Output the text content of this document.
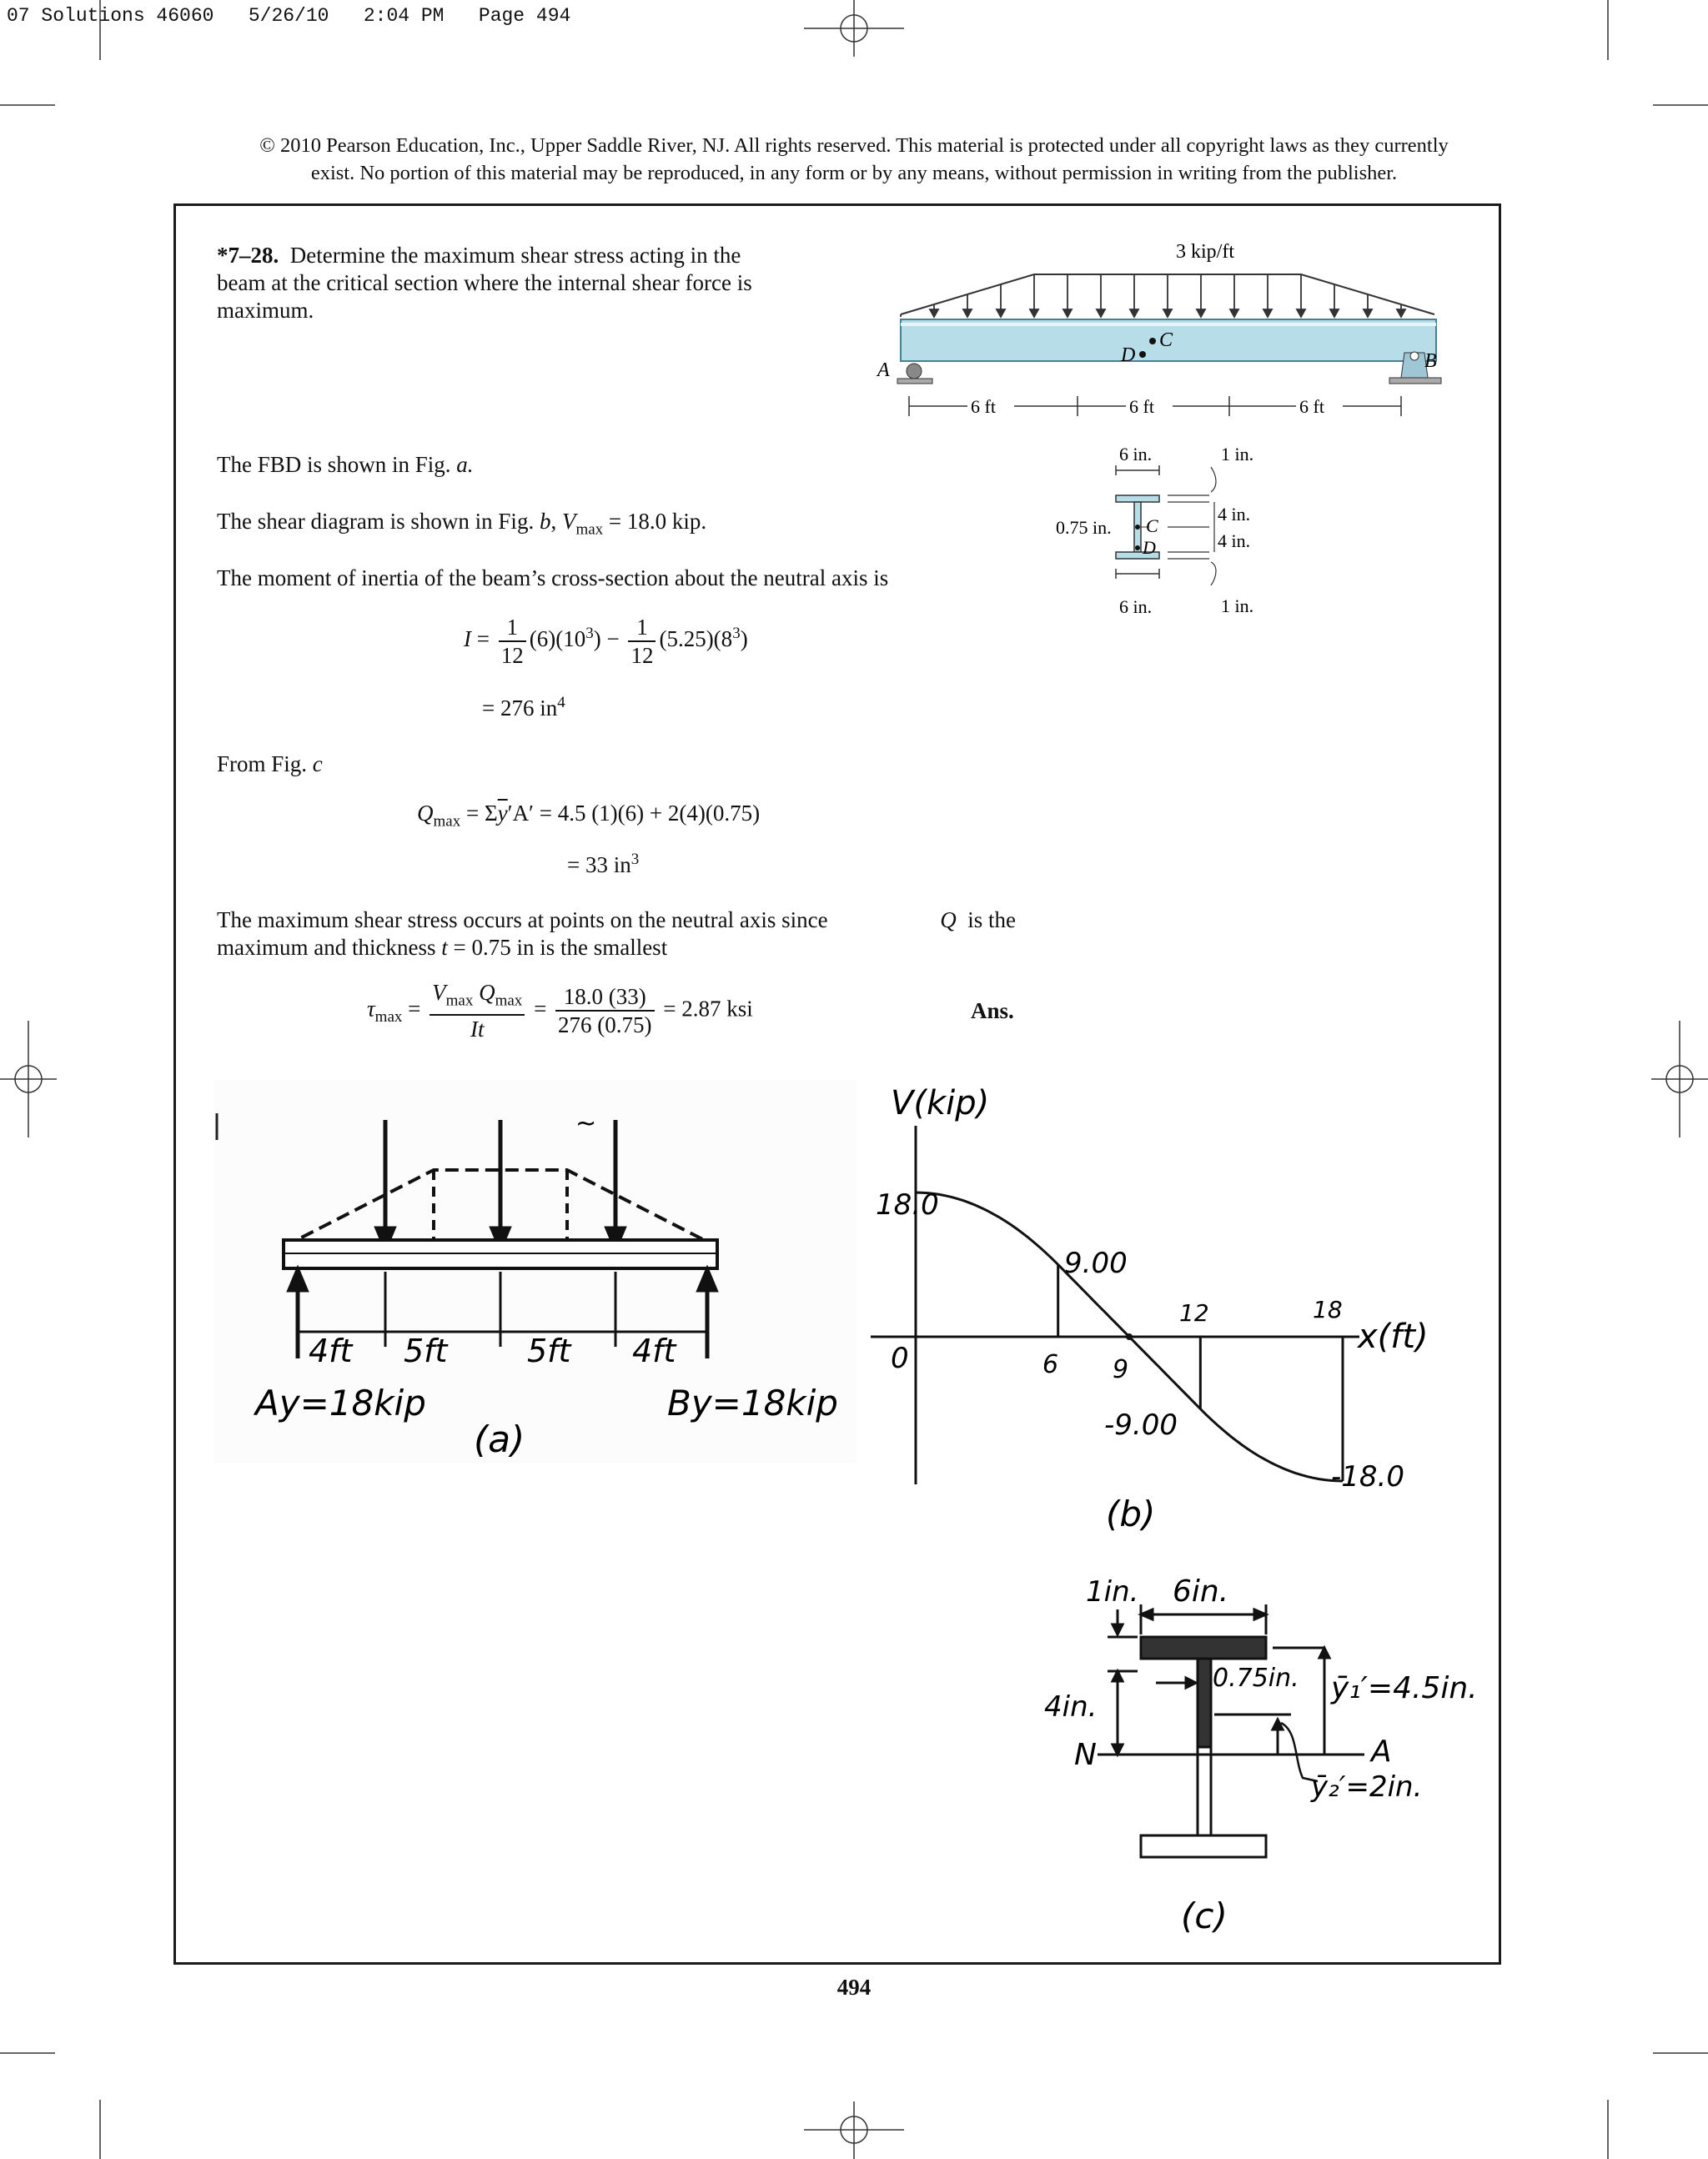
07 Solutions 46060   5/26/10   2:04 PM   Page 494
© 2010 Pearson Education, Inc., Upper Saddle River, NJ. All rights reserved. This material is protected under all copyright laws as they currently
exist. No portion of this material may be reproduced, in any form or by any means, without permission in writing from the publisher.
*7–28. Determine the maximum shear stress acting in the beam at the critical section where the internal shear force is maximum.
3 kip/ft
A	B
C
D
6 ft	6 ft	6 ft
6 in.	1 in.
C
D
0.75 in.
4 in.
4 in.
6 in.	1 in.
The FBD is shown in Fig. a.
The shear diagram is shown in Fig. b, $V_{max} = 18.0$ kip.
The moment of inertia of the beam’s cross-section about the neutral axis is
$I = \frac{1}{12} (6)(10^3) - \frac{1}{12} (5.25)(8^3)$
= 276 $in^4$
From Fig. c
$Q_{max} = \Sigma\overline{y}'A' = 4.5$ (1)(6) + 2(4)(0.75)
= 33 $in^3$
The maximum shear stress occurs at points on the neutral axis since	Q is the
maximum and thickness t = 0.75 in is the smallest
$\tau_{max} = \frac{V_{max} Q_{max}}{It} = \frac{18.0 (33)}{276 (0.75)} = 2.87$ ksi	Ans.
~
4ft 5ft	5ft 4ft
Ay=18kip	By=18kip
(a)
V(kip)
x(ft)
18.0
9.00
-9.00
-18.0
0	6 9
12	18
(b)
1in. 6in.
N	A
4in.
0.75in. ȳ₁′=4.5in.
ȳ₂′=2in.
(c)
494
